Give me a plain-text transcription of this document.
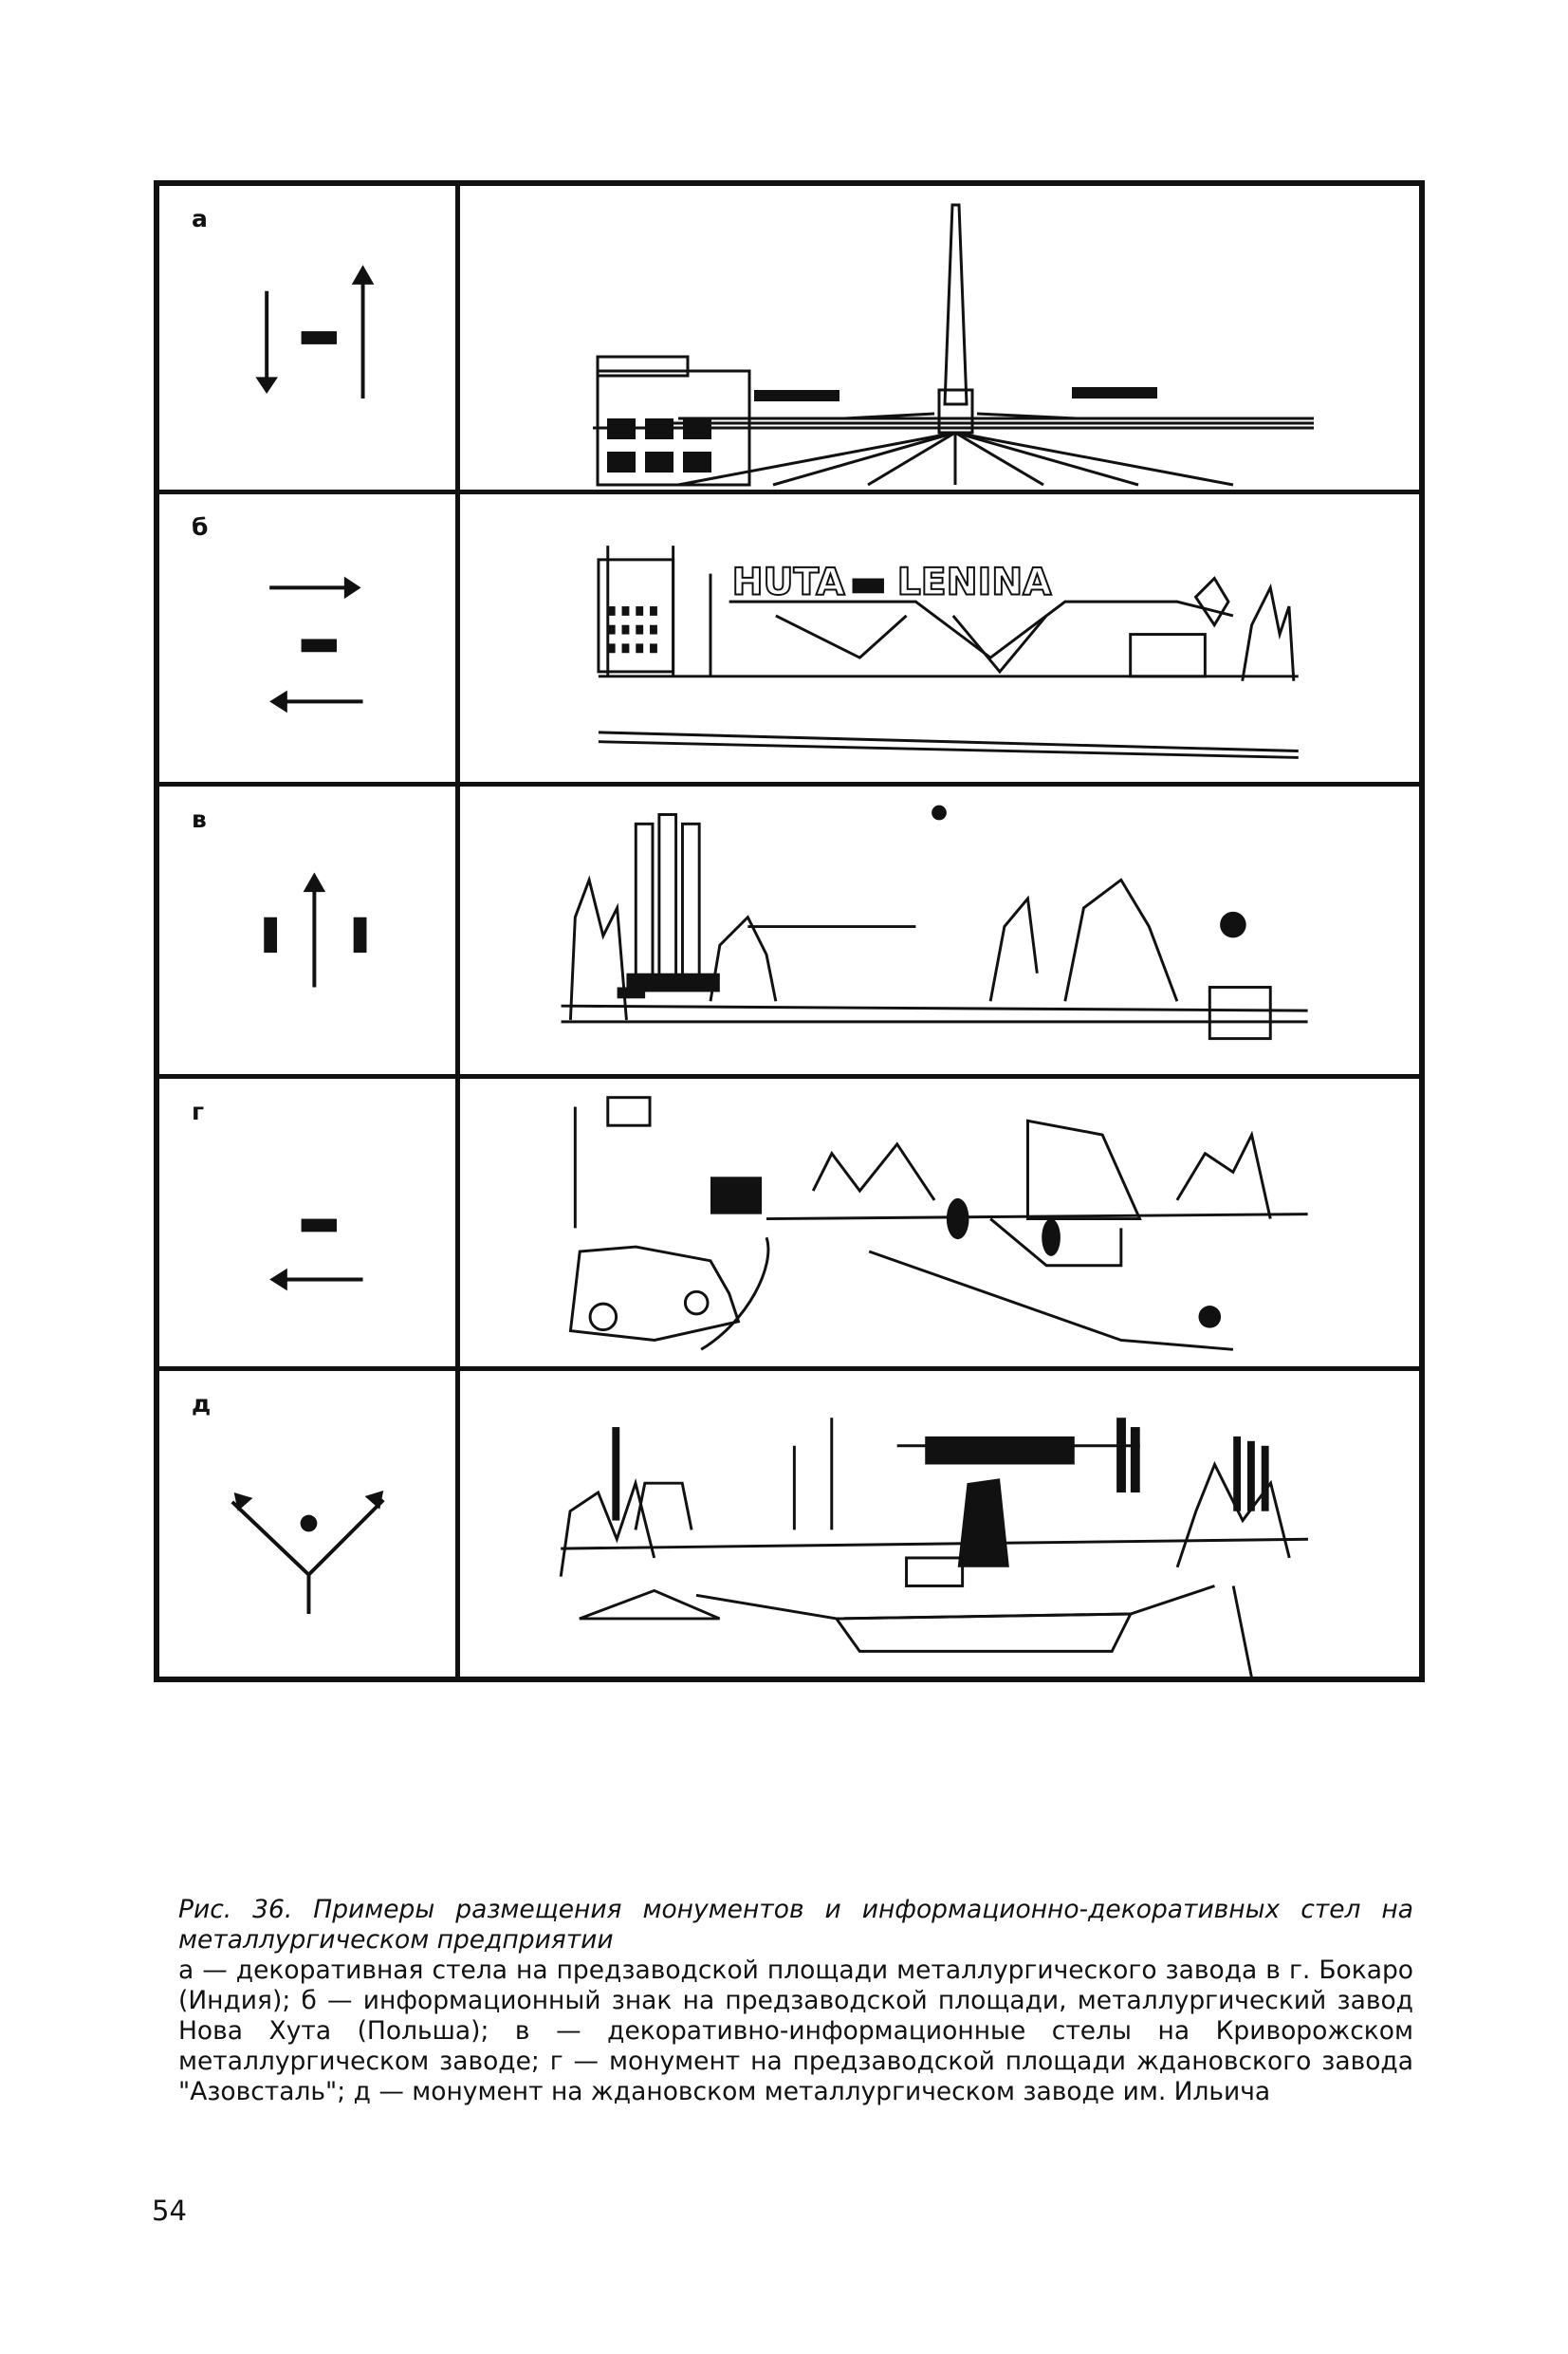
а
б
HUTA LENINA
в
г
д
Рис. 36. Примеры размещения монументов и информационно-декоративных стел на металлургическом предприятии
а — декоративная стела на предзаводской площади металлургического завода в г. Бокаро (Индия); б — информационный знак на предзаводской площади, металлургический завод Нова Хута (Польша); в — декоративно-информационные стелы на Криворожском металлургическом заводе; г — монумент на предзаводской площади ждановского завода "Азовсталь"; д — монумент на ждановском металлургическом заводе им. Ильича
54
